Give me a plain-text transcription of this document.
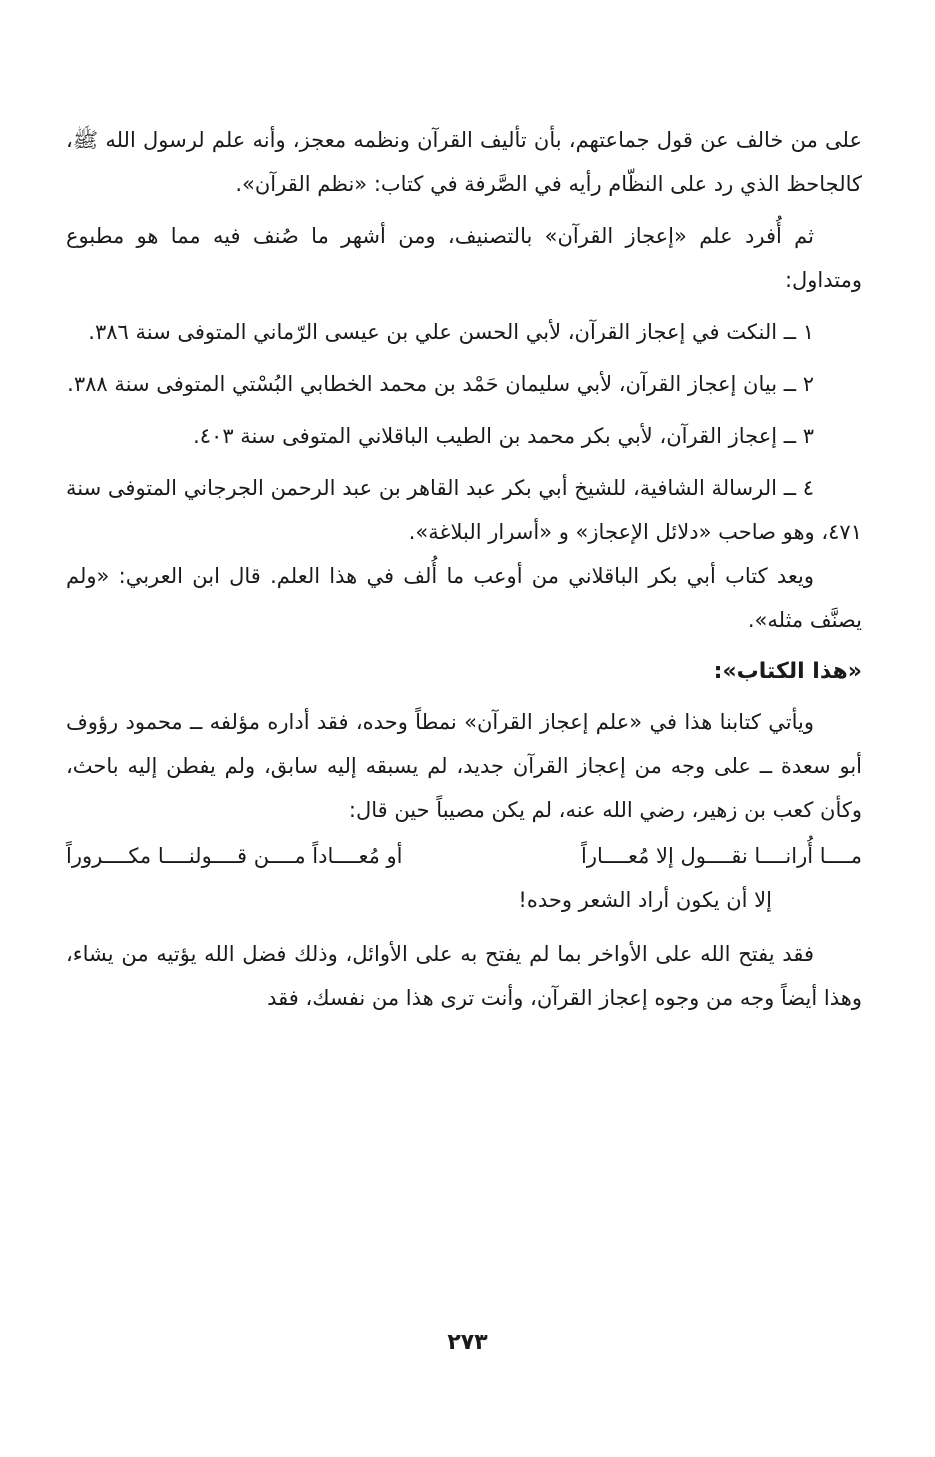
على من خالف عن قول جماعتهم، بأن تأليف القرآن ونظمه معجز، وأنه علم لرسول الله ﷺ، كالجاحظ الذي رد على النظّام رأيه في الصَّرفة في كتاب: «نظم القرآن».

ثم أُفرد علم «إعجاز القرآن» بالتصنيف، ومن أشهر ما صُنف فيه مما هو مطبوع ومتداول:

١ ــ النكت في إعجاز القرآن، لأبي الحسن علي بن عيسى الرّماني المتوفى سنة ٣٨٦.

٢ ــ بيان إعجاز القرآن، لأبي سليمان حَمْد بن محمد الخطابي البُسْتي المتوفى سنة ٣٨٨.

٣ ــ إعجاز القرآن، لأبي بكر محمد بن الطيب الباقلاني المتوفى سنة ٤٠٣.

٤ ــ الرسالة الشافية، للشيخ أبي بكر عبد القاهر بن عبد الرحمن الجرجاني المتوفى سنة ٤٧١، وهو صاحب «دلائل الإعجاز» و «أسرار البلاغة».

ويعد كتاب أبي بكر الباقلاني من أوعب ما أُلف في هذا العلم. قال ابن العربي: «ولم يصنَّف مثله».

«هذا الكتاب»:

ويأتي كتابنا هذا في «علم إعجاز القرآن» نمطاً وحده، فقد أداره مؤلفه ــ محمود رؤوف أبو سعدة ــ على وجه من إعجاز القرآن جديد، لم يسبقه إليه سابق، ولم يفطن إليه باحث، وكأن كعب بن زهير، رضي الله عنه، لم يكن مصيباً حين قال:

مــــا أُرانــــا نقــــول إلا مُعــــاراً
أو مُعــــاداً مــــن قــــولنــــا مكــــروراً

إلا أن يكون أراد الشعر وحده!

فقد يفتح الله على الأواخر بما لم يفتح به على الأوائل، وذلك فضل الله يؤتيه من يشاء، وهذا أيضاً وجه من وجوه إعجاز القرآن، وأنت ترى هذا من نفسك، فقد

٢٧٣
